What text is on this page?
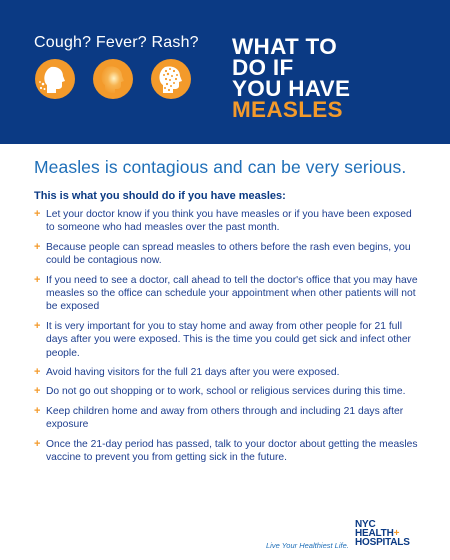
Cough? Fever? Rash? WHAT TO
DO IF
YOU HAVE
MEASLES
Measles is contagious and can be very serious.
This is what you should do if you have measles:
+ Let your doctor know if you think you have measles or if you have been exposed to someone who had measles over the past month.
+ Because people can spread measles to others before the rash even begins, you could be contagious now.
+ If you need to see a doctor, call ahead to tell the doctor's office that you may have measles so the office can schedule your appointment when other patients will not be exposed
+ It is very important for you to stay home and away from other people for 21 full days after you were exposed. This is the time you could get sick and infect other people.
+ Avoid having visitors for the full 21 days after you were exposed.
+ Do not go out shopping or to work, school or religious services during this time.
+ Keep children home and away from others through and including 21 days after exposure
+ Once the 21-day period has passed, talk to your doctor about getting the measles vaccine to prevent you from getting sick in the future.
Live Your Healthiest Life.
NYC
HEALTH+
HOSPITALS
